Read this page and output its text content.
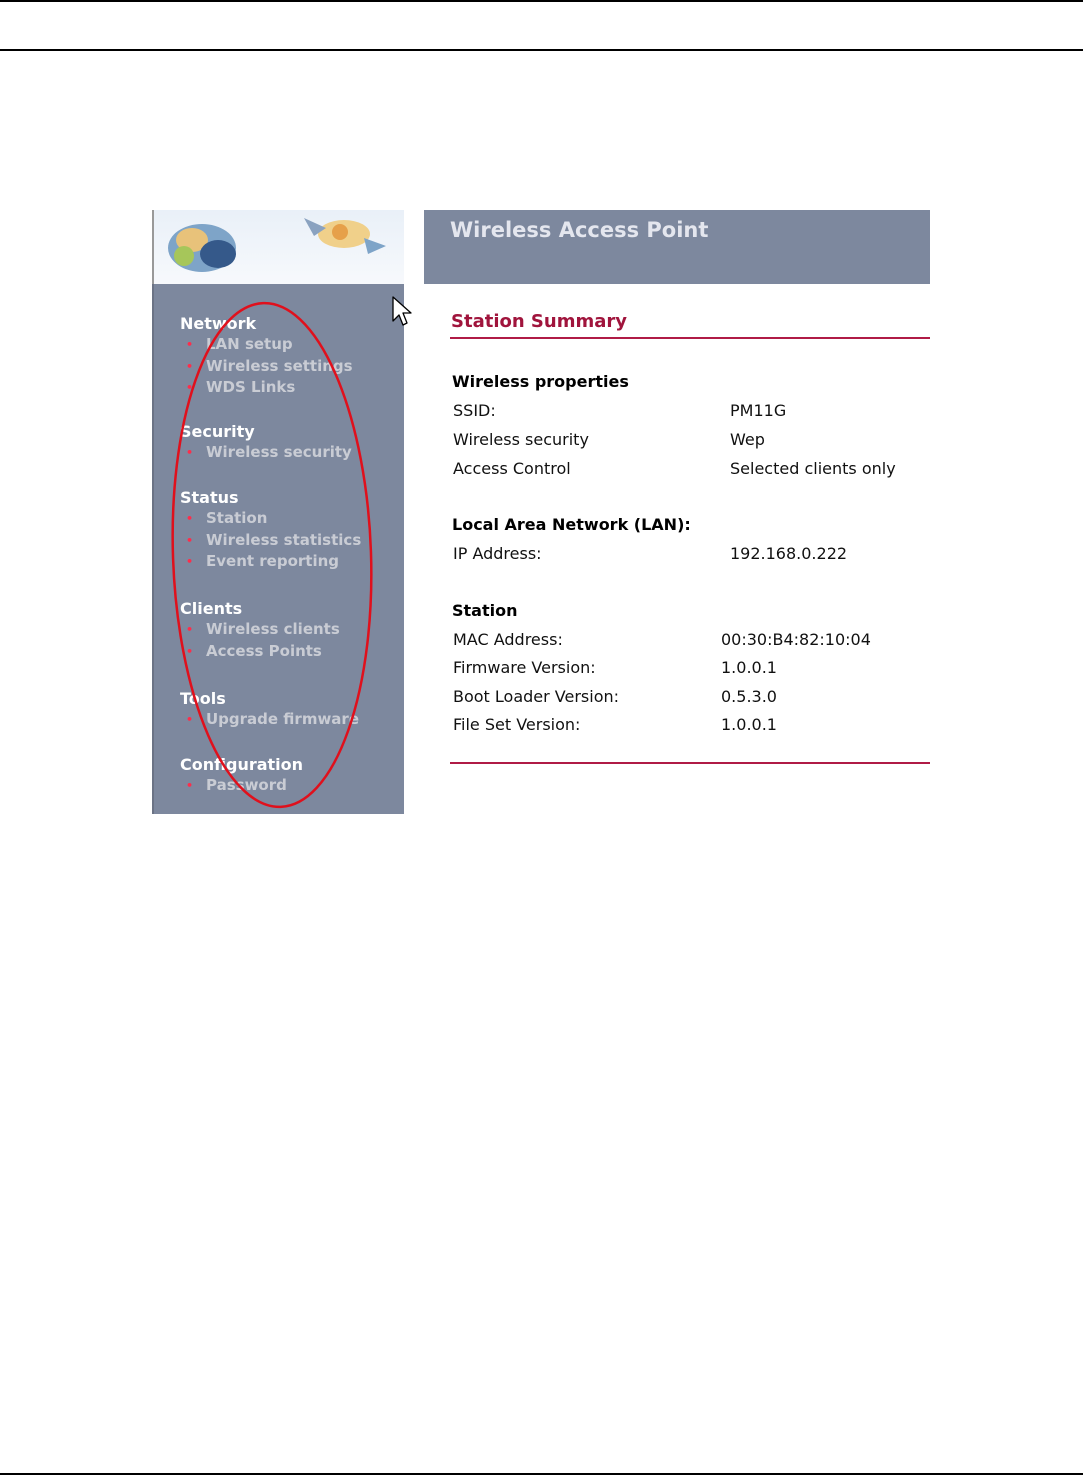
Network
• LAN setup
• Wireless settings
• WDS Links
Security
• Wireless security
Status
• Station
• Wireless statistics
• Event reporting
Clients
• Wireless clients
• Access Points
Tools
• Upgrade firmware
Configuration
• Password
Wireless Access Point
Station Summary
Wireless properties
SSID:	PM11G
Wireless security	Wep
Access Control	Selected clients only
Local Area Network (LAN):
IP Address:	192.168.0.222
Station
MAC Address:	00:30:B4:82:10:04
Firmware Version:	1.0.0.1
Boot Loader Version:	0.5.3.0
File Set Version:	1.0.0.1
